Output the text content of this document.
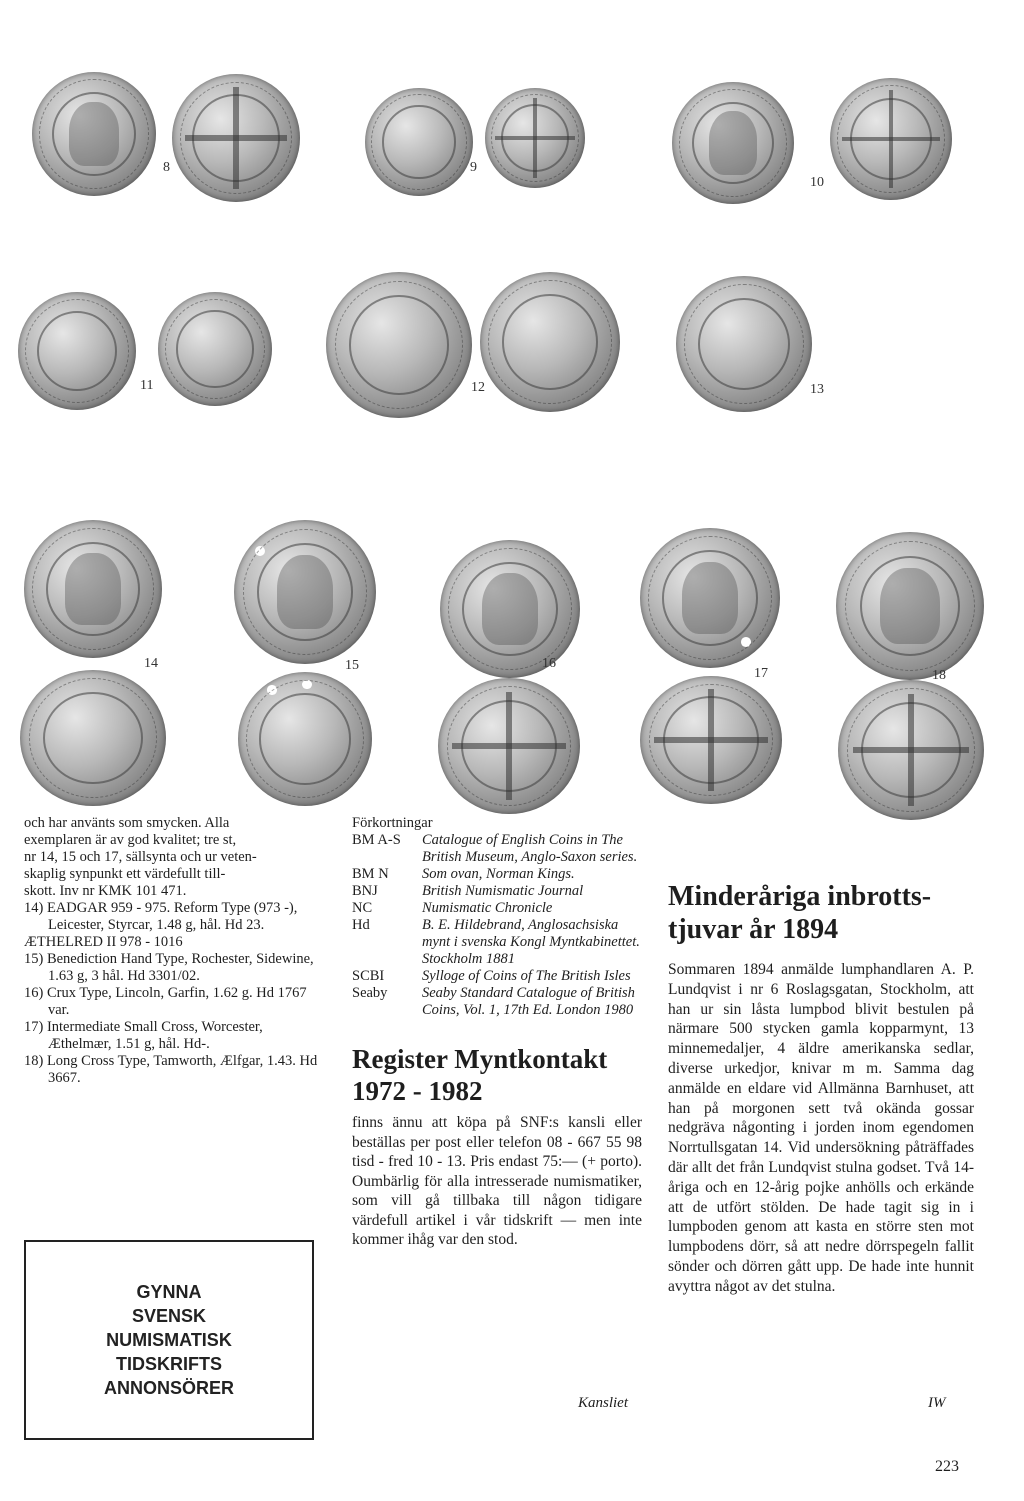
8	9
10
11	12	13
14	15	16
17	18
och har använts som smycken. Alla
exemplaren är av god kvalitet; tre st,
nr 14, 15 och 17, sällsynta och ur veten-
skaplig synpunkt ett värdefullt till-
skott. Inv nr KMK 101 471.
14) EADGAR 959 - 975. Reform Type (973 -), Leicester, Styrcar, 1.48 g, hål. Hd 23.
ÆTHELRED II 978 - 1016
15) Benediction Hand Type, Rochester, Sidewine, 1.63 g, 3 hål. Hd 3301/02.
16) Crux Type, Lincoln, Garfin, 1.62 g. Hd 1767 var.
17) Intermediate Small Cross, Worcester, Æthelmær, 1.51 g, hål. Hd-.
18) Long Cross Type, Tamworth, Ælfgar, 1.43. Hd 3667.
GYNNA
SVENSK
NUMISMATISK
TIDSKRIFTS
ANNONSÖRER
Förkortningar
BM A-S	Catalogue of English Coins in The British Museum, Anglo-Saxon series.
BM N	Som ovan, Norman Kings.
BNJ	British Numismatic Journal
NC	Numismatic Chronicle
Hd	B. E. Hildebrand, Anglosachsiska mynt i svenska Kongl Myntkabinettet. Stockholm 1881
SCBI	Sylloge of Coins of The British Isles
Seaby	Seaby Standard Catalogue of British Coins, Vol. 1, 17th Ed. London 1980
Register Myntkontakt
1972 - 1982
finns ännu att köpa på SNF:s kansli eller beställas per post eller telefon 08 - 667 55 98 tisd - fred 10 - 13. Pris endast 75:— (+ porto). Oumbärlig för alla intresserade numismatiker, som vill gå tillbaka till någon tidigare värdefull artikel i vår tidskrift — men inte kommer ihåg var den stod.
Kansliet
Minderåriga inbrotts-
tjuvar år 1894
Sommaren 1894 anmälde lumphandlaren A. P. Lundqvist i nr 6 Roslagsgatan, Stockholm, att han ur sin låsta lumpbod blivit bestulen på närmare 500 stycken gamla kopparmynt, 13 minnemedaljer, 4 äldre amerikanska sedlar, diverse urkedjor, knivar m m. Samma dag anmälde en eldare vid Allmänna Barnhuset, att han på morgonen sett två okända gossar nedgräva någonting i jorden inom egendomen Norrtullsgatan 14. Vid undersökning påträffades där allt det från Lundqvist stulna godset. Två 14-åriga och en 12-årig pojke anhölls och erkände att de utfört stölden. De hade tagit sig in i lumpboden genom att kasta en större sten mot lumpbodens dörr, så att nedre dörrspegeln fallit sönder och dörren gått upp. De hade inte hunnit avyttra något av det stulna.
IW
223
